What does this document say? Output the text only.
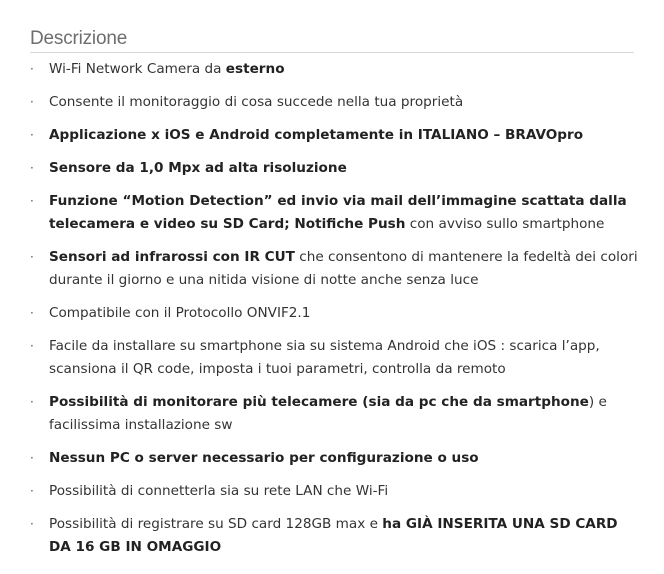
Descrizione
· Wi-Fi Network Camera da esterno
· Consente il monitoraggio di cosa succede nella tua proprietà
· Applicazione x iOS e Android completamente in ITALIANO – BRAVOpro
· Sensore da 1,0 Mpx ad alta risoluzione
· Funzione “Motion Detection” ed invio via mail dell’immagine scattata dalla telecamera e video su SD Card; Notifiche Push con avviso sullo smartphone
· Sensori ad infrarossi con IR CUT che consentono di mantenere la fedeltà dei colori durante il giorno e una nitida visione di notte anche senza luce
· Compatibile con il Protocollo ONVIF2.1
· Facile da installare su smartphone sia su sistema Android che iOS : scarica l’app, scansiona il QR code, imposta i tuoi parametri, controlla da remoto
· Possibilità di monitorare più telecamere (sia da pc che da smartphone) e facilissima installazione sw
· Nessun PC o server necessario per configurazione o uso
· Possibilità di connetterla sia su rete LAN che Wi-Fi
· Possibilità di registrare su SD card 128GB max e ha GIÀ INSERITA UNA SD CARD DA 16 GB IN OMAGGIO
